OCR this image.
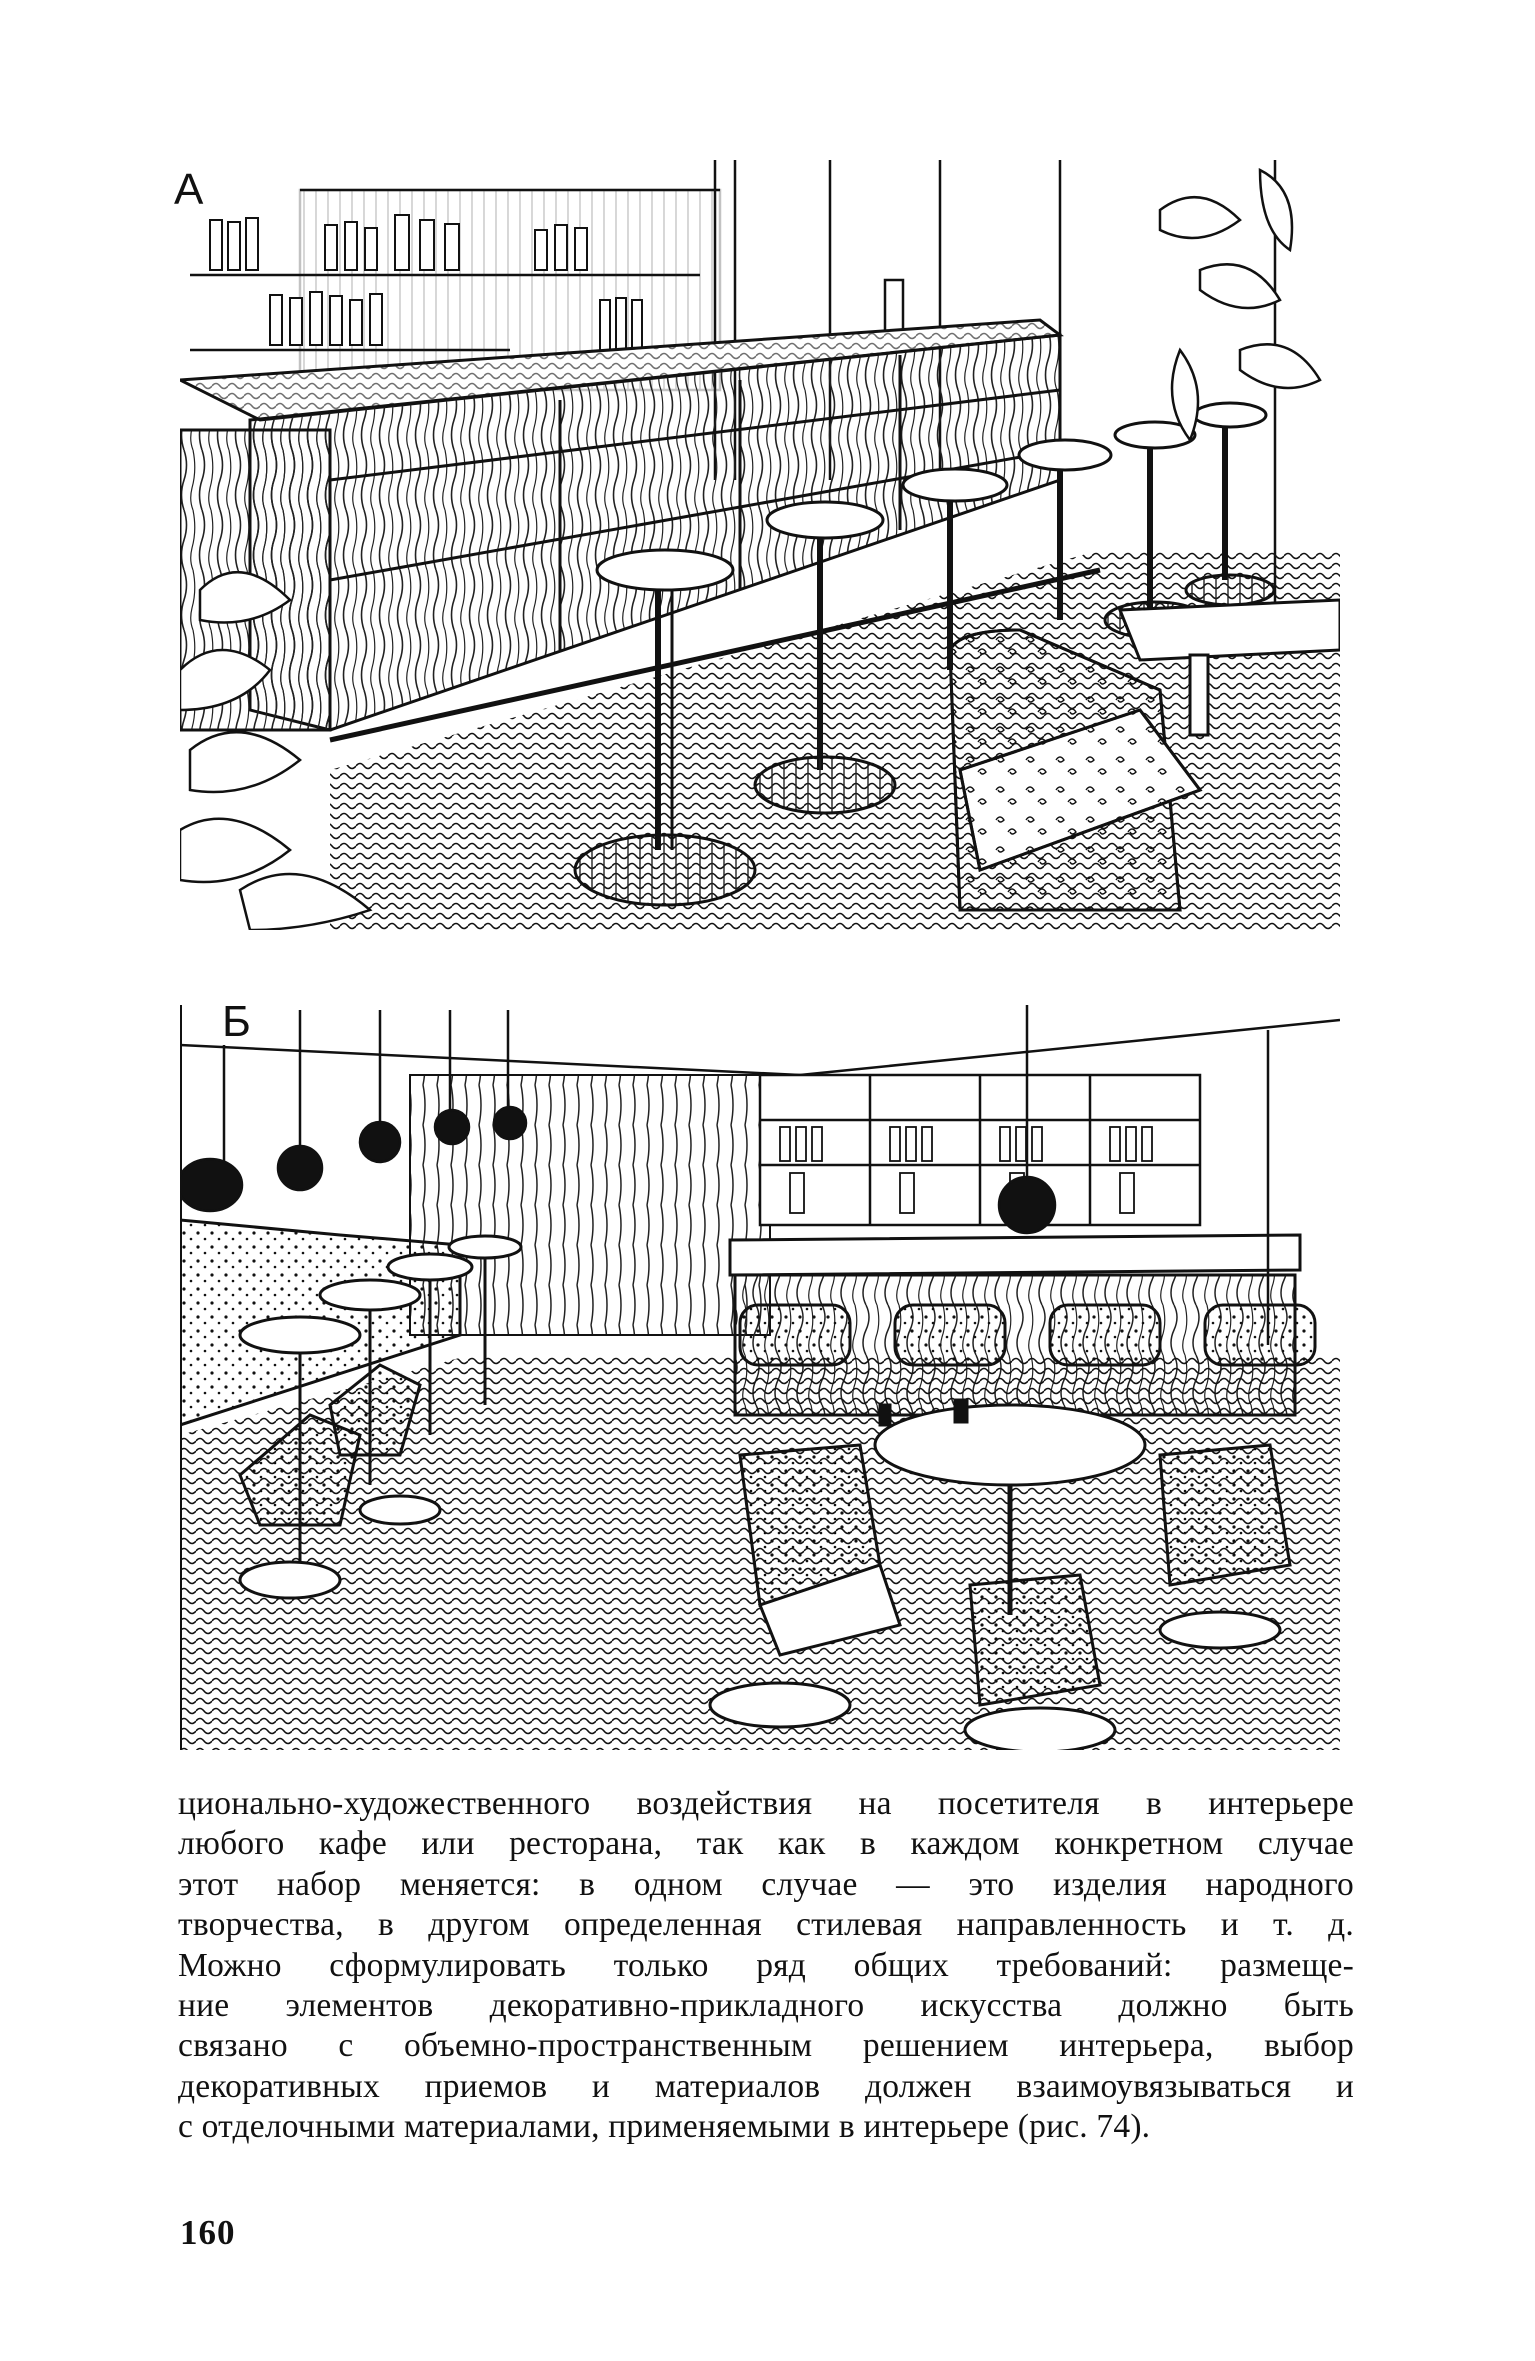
А
Б
ционально-художественного воздействия на посетителя в интерьере
любого кафе или ресторана, так как в каждом конкретном случае
этот набор меняется: в одном случае — это изделия народного
творчества, в другом определенная стилевая направленность и т. д.
Можно сформулировать только ряд общих требований: размеще-
ние элементов декоративно-прикладного искусства должно быть
связано с объемно-пространственным решением интерьера, выбор
декоративных приемов и материалов должен взаимоувязываться и
с отделочными материалами, применяемыми в интерьере (рис. 74).
160
